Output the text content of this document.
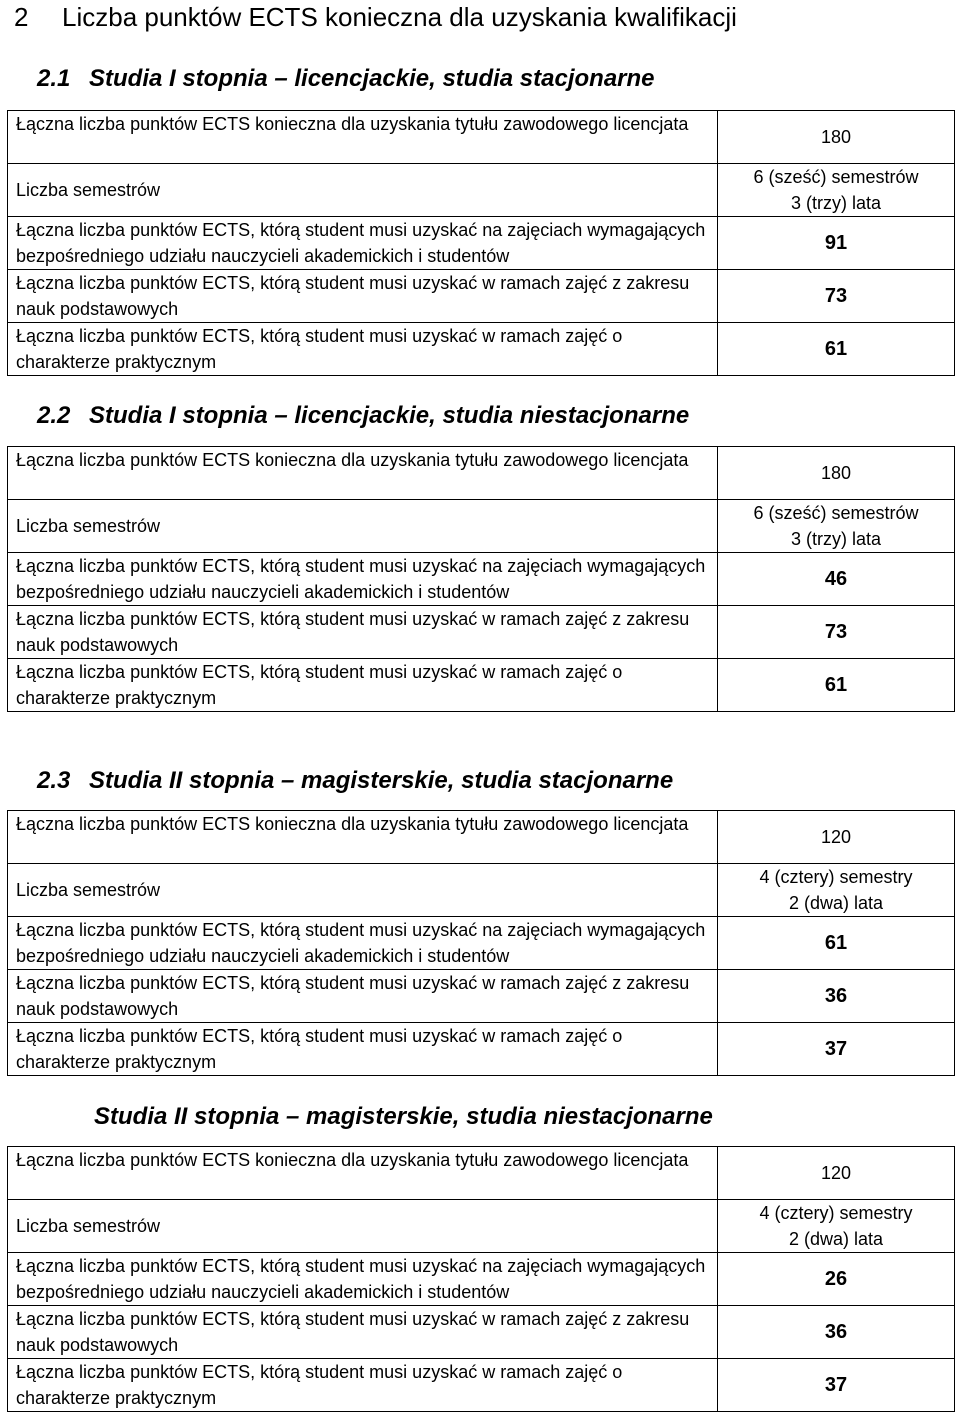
2 Liczba punktów ECTS konieczna dla uzyskania kwalifikacji
2.1 Studia I stopnia – licencjackie, studia stacjonarne
Łączna liczba punktów ECTS konieczna dla uzyskania tytułu zawodowego licencjata	180
Liczba semestrów	6 (sześć) semestrów
3 (trzy) lata

Łączna liczba punktów ECTS, którą student musi uzyskać na zajęciach wymagających bezpośredniego udziału nauczycieli akademickich i studentów	91
Łączna liczba punktów ECTS, którą student musi uzyskać w ramach zajęć z zakresu nauk podstawowych	73
Łączna liczba punktów ECTS, którą student musi uzyskać w ramach zajęć o charakterze praktycznym	61
2.2 Studia I stopnia – licencjackie, studia niestacjonarne
Łączna liczba punktów ECTS konieczna dla uzyskania tytułu zawodowego licencjata	180
Liczba semestrów	6 (sześć) semestrów
3 (trzy) lata

Łączna liczba punktów ECTS, którą student musi uzyskać na zajęciach wymagających bezpośredniego udziału nauczycieli akademickich i studentów	46
Łączna liczba punktów ECTS, którą student musi uzyskać w ramach zajęć z zakresu nauk podstawowych	73
Łączna liczba punktów ECTS, którą student musi uzyskać w ramach zajęć o charakterze praktycznym	61
2.3 Studia II stopnia – magisterskie, studia stacjonarne
Łączna liczba punktów ECTS konieczna dla uzyskania tytułu zawodowego licencjata	120
Liczba semestrów	4 (cztery) semestry
2 (dwa) lata

Łączna liczba punktów ECTS, którą student musi uzyskać na zajęciach wymagających bezpośredniego udziału nauczycieli akademickich i studentów	61
Łączna liczba punktów ECTS, którą student musi uzyskać w ramach zajęć z zakresu nauk podstawowych	36
Łączna liczba punktów ECTS, którą student musi uzyskać w ramach zajęć o charakterze praktycznym	37
Studia II stopnia – magisterskie, studia niestacjonarne
Łączna liczba punktów ECTS konieczna dla uzyskania tytułu zawodowego licencjata	120
Liczba semestrów	4 (cztery) semestry
2 (dwa) lata

Łączna liczba punktów ECTS, którą student musi uzyskać na zajęciach wymagających bezpośredniego udziału nauczycieli akademickich i studentów	26
Łączna liczba punktów ECTS, którą student musi uzyskać w ramach zajęć z zakresu nauk podstawowych	36
Łączna liczba punktów ECTS, którą student musi uzyskać w ramach zajęć o charakterze praktycznym	37
